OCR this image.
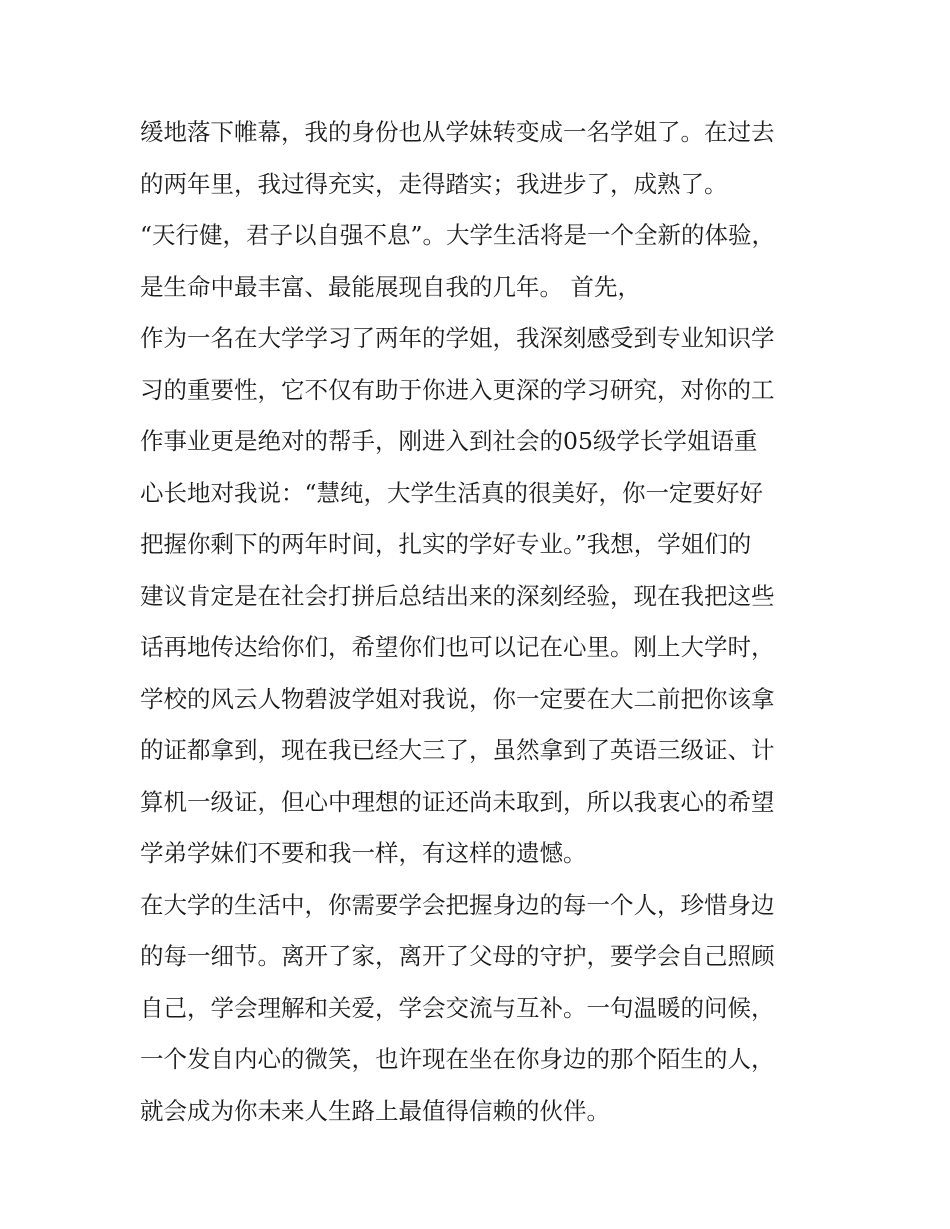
缓地落下帷幕，我的身份也从学妹转变成一名学姐了。在过去
的两年里，我过得充实，走得踏实；我进步了，成熟了。
“天行健，君子以自强不息”。大学生活将是一个全新的体验，
是生命中最丰富、最能展现自我的几年。 首先，
作为一名在大学学习了两年的学姐，我深刻感受到专业知识学
习的重要性，它不仅有助于你进入更深的学习研究，对你的工
作事业更是绝对的帮手，刚进入到社会的05级学长学姐语重
心长地对我说：“慧纯，大学生活真的很美好，你一定要好好
把握你剩下的两年时间，扎实的学好专业。”我想，学姐们的
建议肯定是在社会打拼后总结出来的深刻经验，现在我把这些
话再地传达给你们，希望你们也可以记在心里。刚上大学时，
学校的风云人物碧波学姐对我说，你一定要在大二前把你该拿
的证都拿到，现在我已经大三了，虽然拿到了英语三级证、计
算机一级证，但心中理想的证还尚未取到，所以我衷心的希望
学弟学妹们不要和我一样，有这样的遗憾。
在大学的生活中，你需要学会把握身边的每一个人，珍惜身边
的每一细节。离开了家，离开了父母的守护，要学会自己照顾
自己，学会理解和关爱，学会交流与互补。一句温暖的问候，
一个发自内心的微笑，也许现在坐在你身边的那个陌生的人，
就会成为你未来人生路上最值得信赖的伙伴。
